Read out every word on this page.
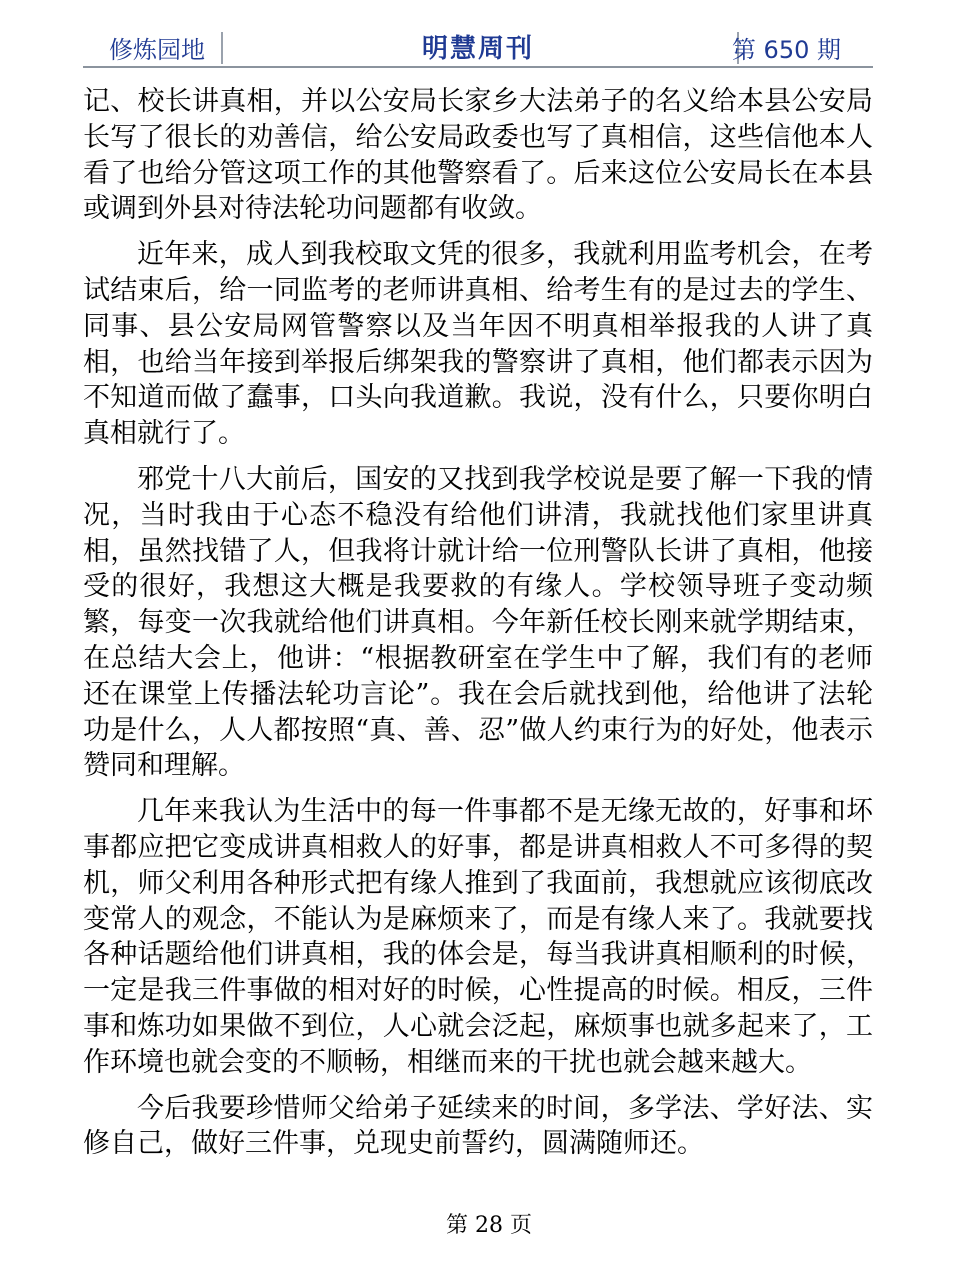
修炼园地	明慧周刊	第 650 期

记、校长讲真相，并以公安局长家乡大法弟子的名义给本县公安局长写了很长的劝善信，给公安局政委也写了真相信，这些信他本人看了也给分管这项工作的其他警察看了。后来这位公安局长在本县或调到外县对待法轮功问题都有收敛。

近年来，成人到我校取文凭的很多，我就利用监考机会，在考试结束后，给一同监考的老师讲真相、给考生有的是过去的学生、同事、县公安局网管警察以及当年因不明真相举报我的人讲了真相，也给当年接到举报后绑架我的警察讲了真相，他们都表示因为不知道而做了蠢事，口头向我道歉。我说，没有什么，只要你明白真相就行了。

邪党十八大前后，国安的又找到我学校说是要了解一下我的情况，当时我由于心态不稳没有给他们讲清，我就找他们家里讲真相，虽然找错了人，但我将计就计给一位刑警队长讲了真相，他接受的很好，我想这大概是我要救的有缘人。学校领导班子变动频繁，每变一次我就给他们讲真相。今年新任校长刚来就学期结束，在总结大会上，他讲：“根据教研室在学生中了解，我们有的老师还在课堂上传播法轮功言论”。我在会后就找到他，给他讲了法轮功是什么，人人都按照“真、善、忍”做人约束行为的好处，他表示赞同和理解。

几年来我认为生活中的每一件事都不是无缘无故的，好事和坏事都应把它变成讲真相救人的好事，都是讲真相救人不可多得的契机，师父利用各种形式把有缘人推到了我面前，我想就应该彻底改变常人的观念，不能认为是麻烦来了，而是有缘人来了。我就要找各种话题给他们讲真相，我的体会是，每当我讲真相顺利的时候，一定是我三件事做的相对好的时候，心性提高的时候。相反，三件事和炼功如果做不到位，人心就会泛起，麻烦事也就多起来了，工作环境也就会变的不顺畅，相继而来的干扰也就会越来越大。

今后我要珍惜师父给弟子延续来的时间，多学法、学好法、实修自己，做好三件事，兑现史前誓约，圆满随师还。

第 28 页
